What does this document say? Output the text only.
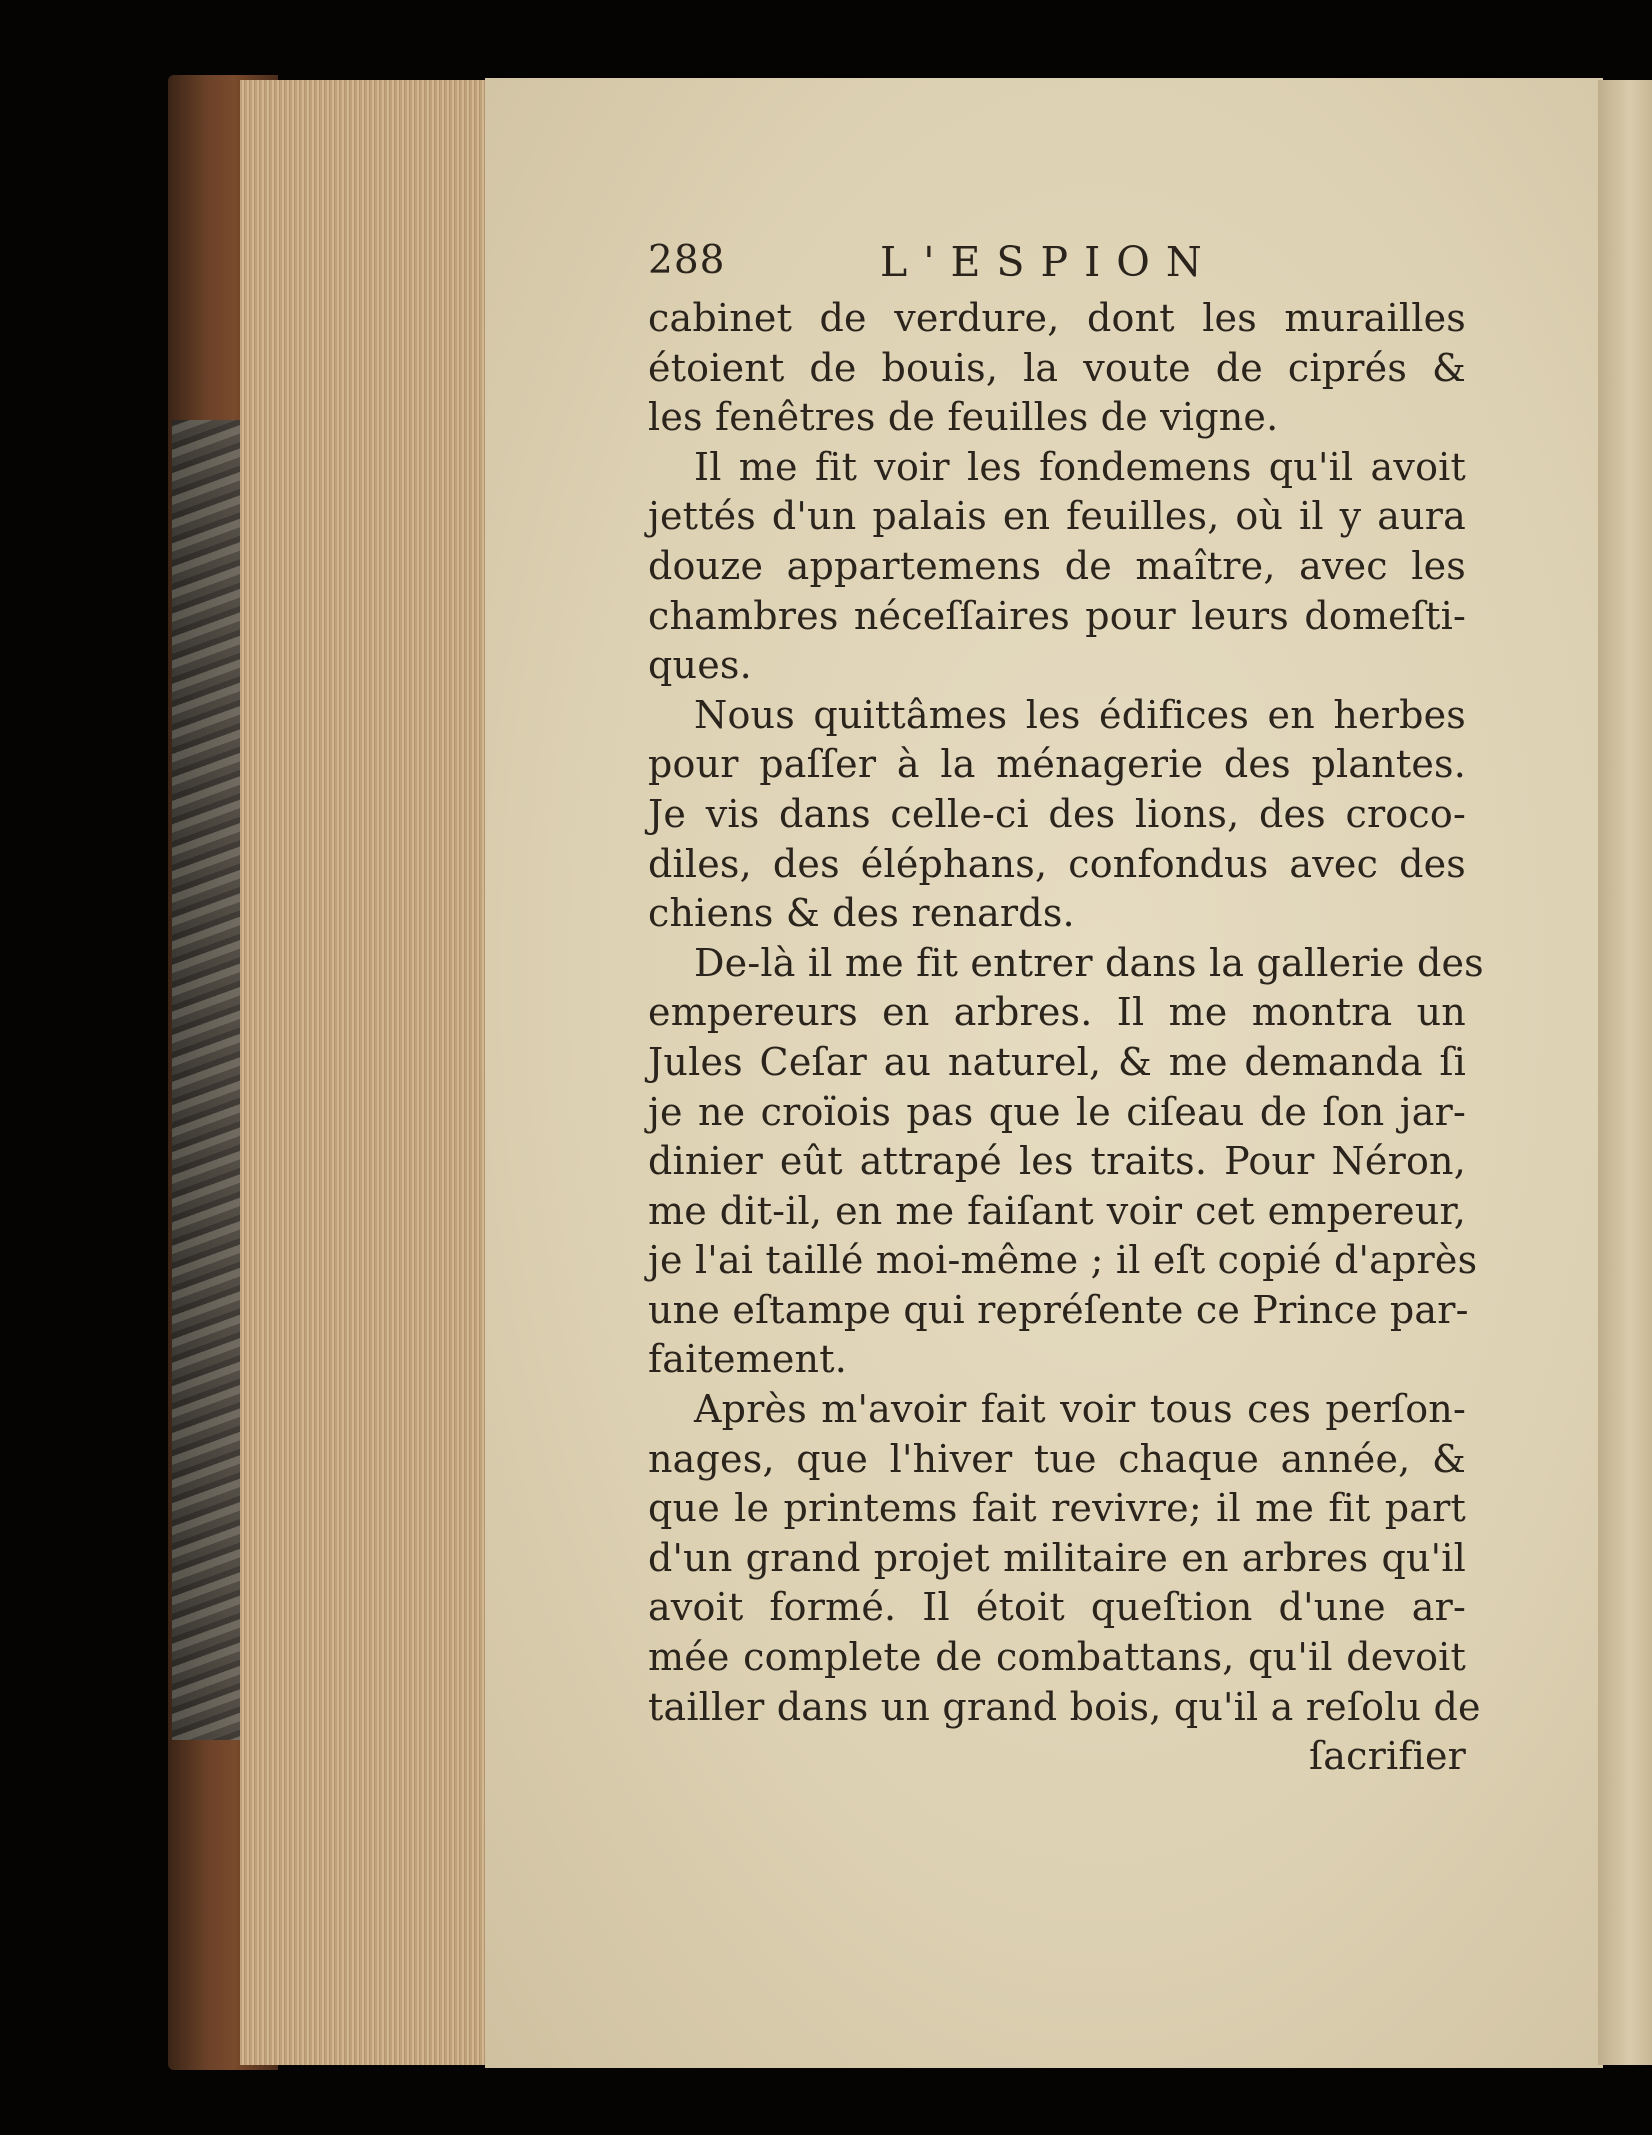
288	L'ESPION
cabinet de verdure, dont les murailles
étoient de bouis, la voute de ciprés &
les fenêtres de feuilles de vigne.
Il me fit voir les fondemens qu'il avoit
jettés d'un palais en feuilles, où il y aura
douze appartemens de maître, avec les
chambres néceſſaires pour leurs domeſti-
ques.
Nous quittâmes les édifices en herbes
pour paſſer à la ménagerie des plantes.
Je vis dans celle-ci des lions, des croco-
diles, des éléphans, confondus avec des
chiens & des renards.
De-là il me fit entrer dans la gallerie des
empereurs en arbres. Il me montra un
Jules Ceſar au naturel, & me demanda ſi
je ne croïois pas que le ciſeau de ſon jar-
dinier eût attrapé les traits. Pour Néron,
me dit-il, en me faiſant voir cet empereur,
je l'ai taillé moi-même ; il eſt copié d'après
une eſtampe qui repréſente ce Prince par-
faitement.
Après m'avoir fait voir tous ces perſon-
nages, que l'hiver tue chaque année, &
que le printems fait revivre; il me fit part
d'un grand projet militaire en arbres qu'il
avoit formé. Il étoit queſtion d'une ar-
mée complete de combattans, qu'il devoit
tailler dans un grand bois, qu'il a reſolu de
ſacrifier
